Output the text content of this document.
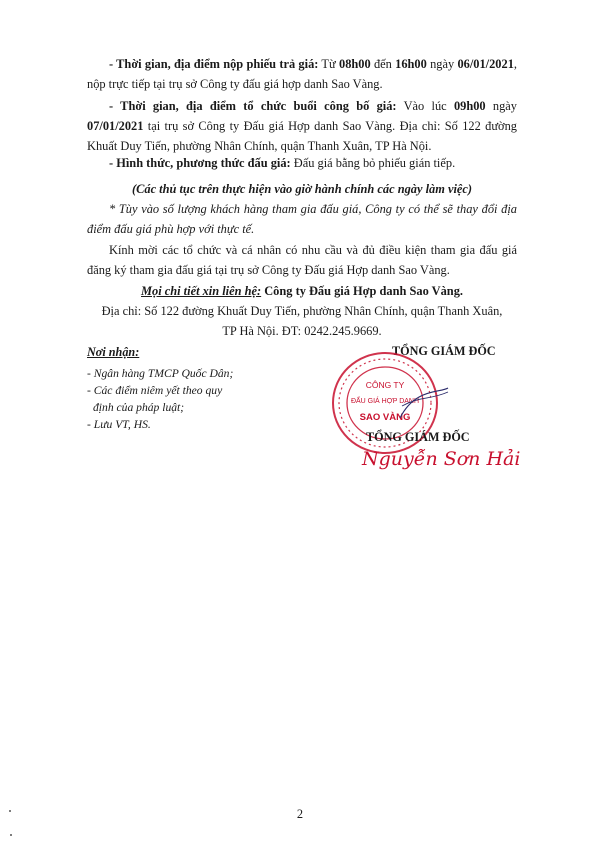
- Thời gian, địa điểm nộp phiếu trả giá: Từ 08h00 đến 16h00 ngày 06/01/2021, nộp trực tiếp tại trụ sở Công ty đấu giá hợp danh Sao Vàng.
- Thời gian, địa điểm tổ chức buổi công bố giá: Vào lúc 09h00 ngày 07/01/2021 tại trụ sở Công ty Đấu giá Hợp danh Sao Vàng. Địa chỉ: Số 122 đường Khuất Duy Tiến, phường Nhân Chính, quận Thanh Xuân, TP Hà Nội.
- Hình thức, phương thức đấu giá: Đấu giá bằng bỏ phiếu gián tiếp.
(Các thủ tục trên thực hiện vào giờ hành chính các ngày làm việc)
* Tùy vào số lượng khách hàng tham gia đấu giá, Công ty có thể sẽ thay đổi địa điểm đấu giá phù hợp với thực tế.
Kính mời các tổ chức và cá nhân có nhu cầu và đủ điều kiện tham gia đấu giá đăng ký tham gia đấu giá tại trụ sở Công ty Đấu giá Hợp danh Sao Vàng.
Mọi chi tiết xin liên hệ: Công ty Đấu giá Hợp danh Sao Vàng.
Địa chỉ: Số 122 đường Khuất Duy Tiến, phường Nhân Chính, quận Thanh Xuân,
TP Hà Nội. ĐT: 0242.245.9669.
Nơi nhận:
- Ngân hàng TMCP Quốc Dân;
- Các điểm niêm yết theo quy
định của pháp luật;
- Lưu VT, HS.
TỔNG GIÁM ĐỐC
CÔNG TY
ĐẤU GIÁ HỢP DANH
SAO VÀNG
TỔNG GIÁM ĐỐC
Nguyễn Sơn Hải
2
